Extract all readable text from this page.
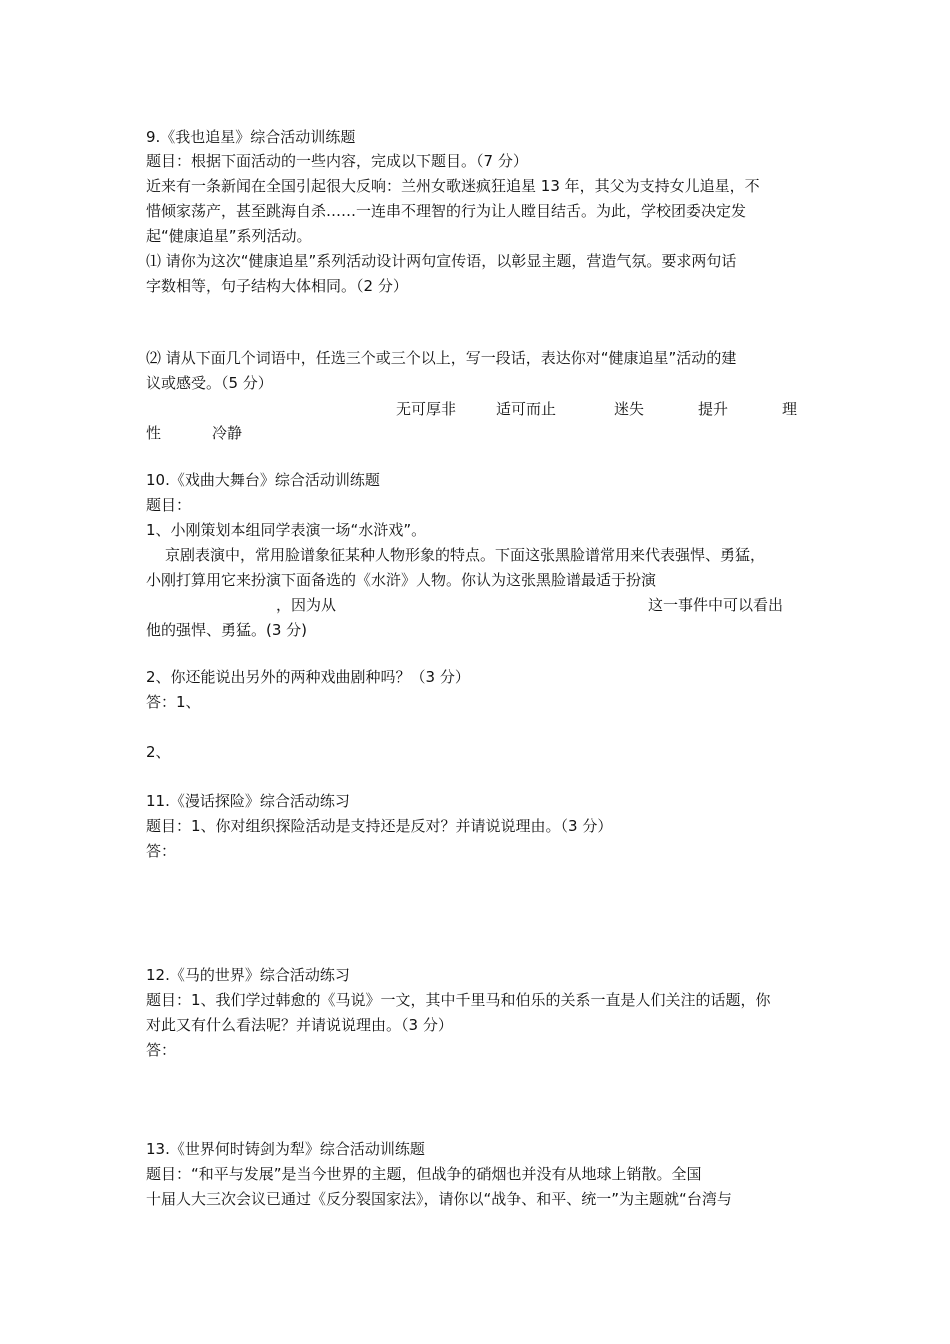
9.《我也追星》综合活动训练题
题目：根据下面活动的一些内容，完成以下题目。（7 分）
近来有一条新闻在全国引起很大反响：兰州女歌迷疯狂追星 13 年，其父为支持女儿追星，不
惜倾家荡产，甚至跳海自杀……一连串不理智的行为让人瞠目结舌。为此，学校团委决定发
起“健康追星”系列活动。
⑴ 请你为这次“健康追星”系列活动设计两句宣传语，以彰显主题，营造气氛。要求两句话
字数相等，句子结构大体相同。（2 分）
⑵ 请从下面几个词语中，任选三个或三个以上，写一段话，表达你对“健康追星”活动的建
议或感受。（5 分）
无可厚非	适可而止	迷失	提升	理
性	冷静
10.《戏曲大舞台》综合活动训练题
题目：
1、小刚策划本组同学表演一场“水浒戏”。
京剧表演中，常用脸谱象征某种人物形象的特点。下面这张黑脸谱常用来代表强悍、勇猛，
小刚打算用它来扮演下面备选的《水浒》人物。你认为这张黑脸谱最适于扮演
，因为从	这一事件中可以看出
他的强悍、勇猛。(3 分)
2、你还能说出另外的两种戏曲剧种吗？（3 分）
答：1、
2、
11.《漫话探险》综合活动练习
题目：1、你对组织探险活动是支持还是反对？并请说说理由。（3 分）
答：
12.《马的世界》综合活动练习
题目：1、我们学过韩愈的《马说》一文，其中千里马和伯乐的关系一直是人们关注的话题，你
对此又有什么看法呢？并请说说理由。（3 分）
答：
13.《世界何时铸剑为犁》综合活动训练题
题目：“和平与发展”是当今世界的主题，但战争的硝烟也并没有从地球上销散。全国
十届人大三次会议已通过《反分裂国家法》，请你以“战争、和平、统一”为主题就“台湾与
